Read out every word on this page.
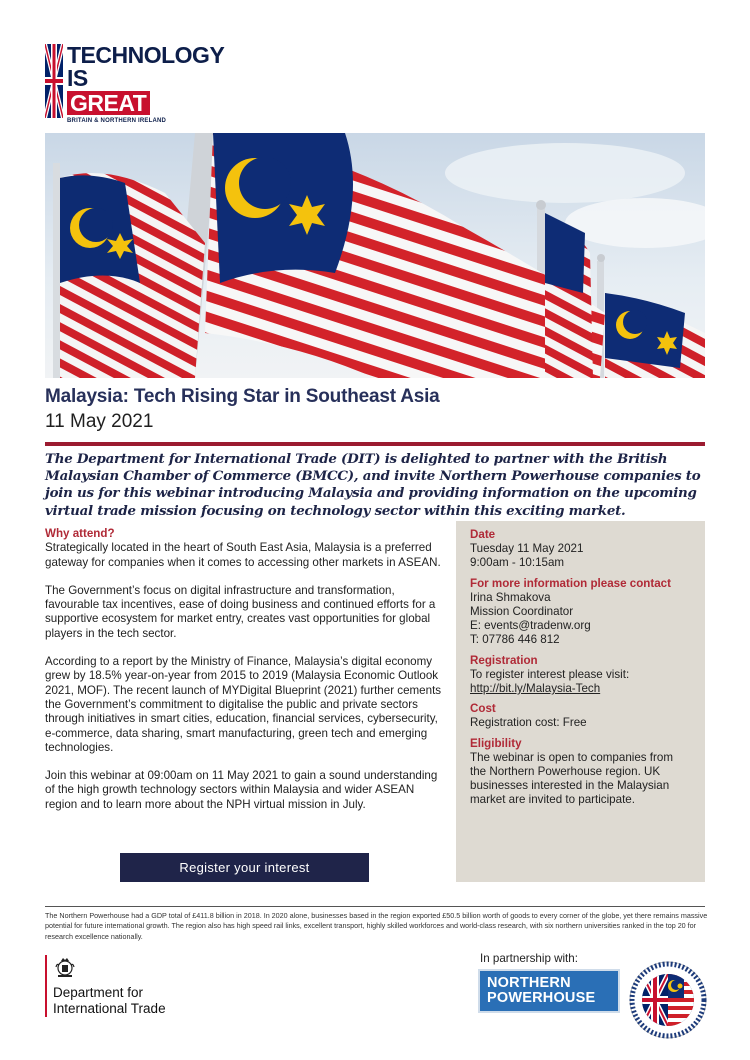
TECHNOLOGY
IS
GREAT
BRITAIN & NORTHERN IRELAND
Malaysia: Tech Rising Star in Southeast Asia
11 May 2021
The Department for International Trade (DIT) is delighted to partner with the British Malaysian Chamber of Commerce (BMCC), and invite Northern Powerhouse companies to join us for this webinar introducing Malaysia and providing information on the upcoming virtual trade mission focusing on technology sector within this exciting market.
Why attend?

Strategically located in the heart of South East Asia, Malaysia is a preferred gateway for companies when it comes to accessing other markets in ASEAN.

The Government’s focus on digital infrastructure and transformation, favourable tax incentives, ease of doing business and continued efforts for a supportive ecosystem for market entry, creates vast opportunities for global players in the tech sector.

According to a report by the Ministry of Finance, Malaysia’s digital economy grew by 18.5% year-on-year from 2015 to 2019 (Malaysia Economic Outlook 2021, MOF). The recent launch of MYDigital Blueprint (2021) further cements the Government’s commitment to digitalise the public and private sectors through initiatives in smart cities, education, financial services, cybersecurity, e-commerce, data sharing, smart manufacturing, green tech and emerging technologies.

Join this webinar at 09:00am on 11 May 2021 to gain a sound understanding of the high growth technology sectors within Malaysia and wider ASEAN region and to learn more about the NPH virtual mission in July.

Register your interest
Date
Tuesday 11 May 2021
9:00am - 10:15am
For more information please contact
Irina Shmakova
Mission Coordinator
E: events@tradenw.org
T: 07786 446 812
Registration
To register interest please visit:
http://bit.ly/Malaysia-Tech
Cost
Registration cost: Free
Eligibility
The webinar is open to companies from the Northern Powerhouse region. UK businesses interested in the Malaysian market are invited to participate.
The Northern Powerhouse had a GDP total of £411.8 billion in 2018. In 2020 alone, businesses based in the region exported £50.5 billion worth of goods to every corner of the globe, yet there remains massive potential for future international growth. The region also has high speed rail links, excellent transport, highly skilled workforces and world-class research, with six northern universities ranked in the top 20 for research excellence nationally.
Department for
International Trade
In partnership with:
NORTHERN
POWERHOUSE
